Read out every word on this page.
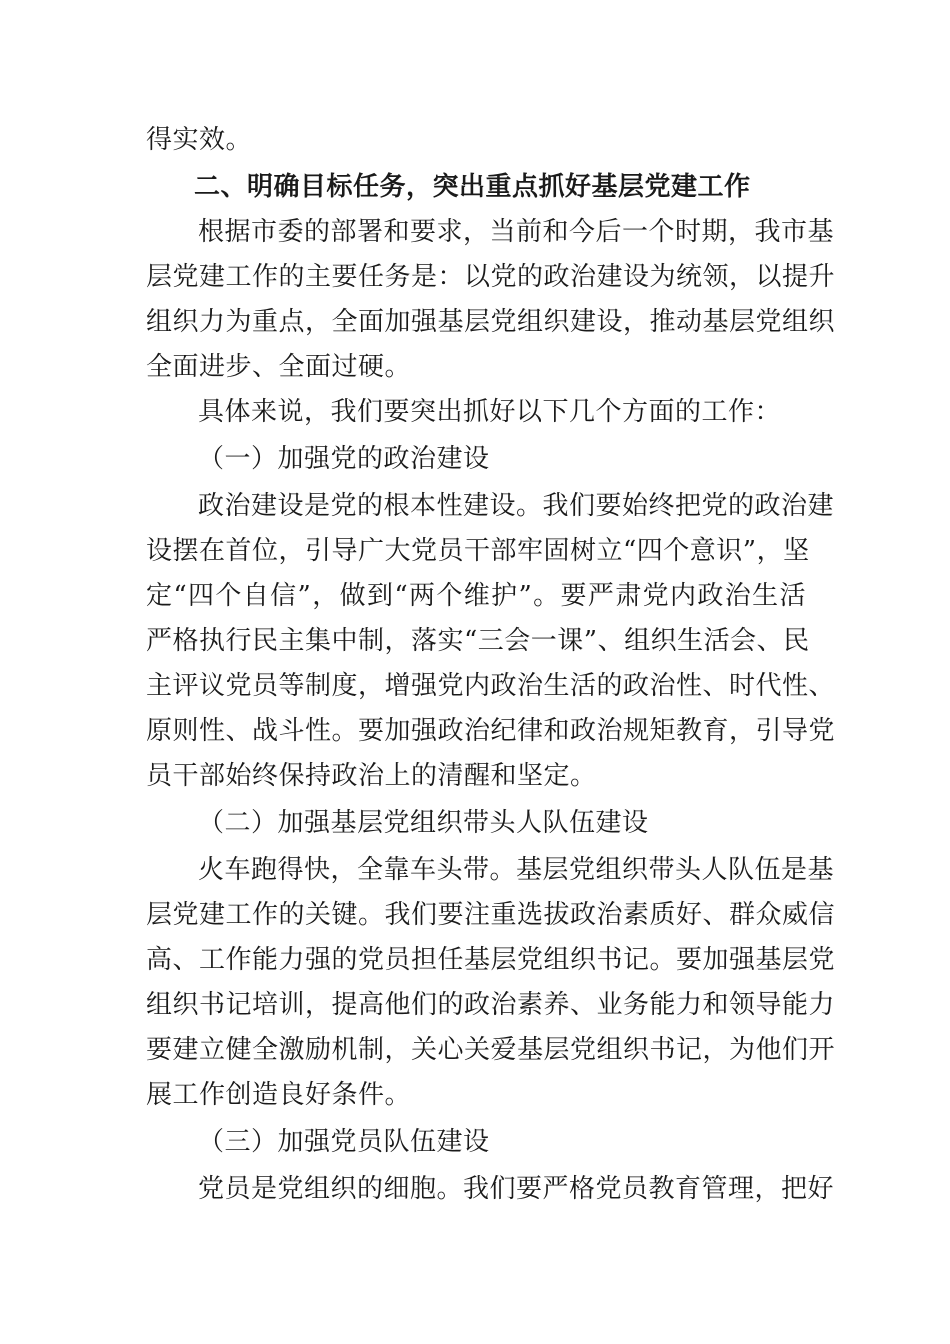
得实效。
二、明确目标任务，突出重点抓好基层党建工作
根据市委的部署和要求，当前和今后一个时期，我市基
层党建工作的主要任务是：以党的政治建设为统领，以提升
组织力为重点，全面加强基层党组织建设，推动基层党组织
全面进步、全面过硬。
具体来说，我们要突出抓好以下几个方面的工作：
（一）加强党的政治建设
政治建设是党的根本性建设。我们要始终把党的政治建
设摆在首位，引导广大党员干部牢固树立“四个意识”，坚
定“四个自信”，做到“两个维护”。要严肃党内政治生活
严格执行民主集中制，落实“三会一课”、组织生活会、民
主评议党员等制度，增强党内政治生活的政治性、时代性、
原则性、战斗性。要加强政治纪律和政治规矩教育，引导党
员干部始终保持政治上的清醒和坚定。
（二）加强基层党组织带头人队伍建设
火车跑得快，全靠车头带。基层党组织带头人队伍是基
层党建工作的关键。我们要注重选拔政治素质好、群众威信
高、工作能力强的党员担任基层党组织书记。要加强基层党
组织书记培训，提高他们的政治素养、业务能力和领导能力
要建立健全激励机制，关心关爱基层党组织书记，为他们开
展工作创造良好条件。
（三）加强党员队伍建设
党员是党组织的细胞。我们要严格党员教育管理，把好
